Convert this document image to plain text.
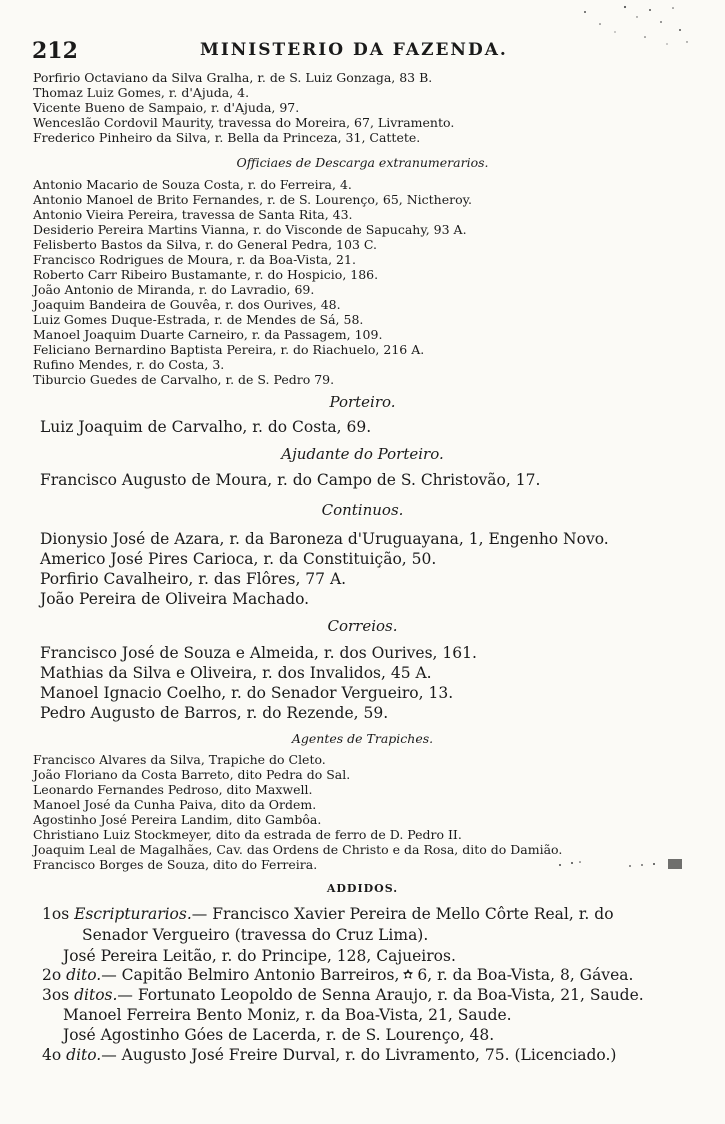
212	MINISTERIO DA FAZENDA.
Porfirio Octaviano da Silva Gralha, r. de S. Luiz Gonzaga, 83 B.
Thomaz Luiz Gomes, r. d'Ajuda, 4.
Vicente Bueno de Sampaio, r. d'Ajuda, 97.
Wenceslão Cordovil Maurity, travessa do Moreira, 67, Livramento.
Frederico Pinheiro da Silva, r. Bella da Princeza, 31, Cattete.
Officiaes de Descarga extranumerarios.
Antonio Macario de Souza Costa, r. do Ferreira, 4.
Antonio Manoel de Brito Fernandes, r. de S. Lourenço, 65, Nictheroy.
Antonio Vieira Pereira, travessa de Santa Rita, 43.
Desiderio Pereira Martins Vianna, r. do Visconde de Sapucahy, 93 A.
Felisberto Bastos da Silva, r. do General Pedra, 103 C.
Francisco Rodrigues de Moura, r. da Boa-Vista, 21.
Roberto Carr Ribeiro Bustamante, r. do Hospicio, 186.
João Antonio de Miranda, r. do Lavradio, 69.
Joaquim Bandeira de Gouvêa, r. dos Ourives, 48.
Luiz Gomes Duque-Estrada, r. de Mendes de Sá, 58.
Manoel Joaquim Duarte Carneiro, r. da Passagem, 109.
Feliciano Bernardino Baptista Pereira, r. do Riachuelo, 216 A.
Rufino Mendes, r. do Costa, 3.
Tiburcio Guedes de Carvalho, r. de S. Pedro 79.
Porteiro.
Luiz Joaquim de Carvalho, r. do Costa, 69.
Ajudante do Porteiro.
Francisco Augusto de Moura, r. do Campo de S. Christovão, 17.
Continuos.
Dionysio José de Azara, r. da Baroneza d'Uruguayana, 1, Engenho Novo.
Americo José Pires Carioca, r. da Constituição, 50.
Porfirio Cavalheiro, r. das Flôres, 77 A.
João Pereira de Oliveira Machado.
Correios.
Francisco José de Souza e Almeida, r. dos Ourives, 161.
Mathias da Silva e Oliveira, r. dos Invalidos, 45 A.
Manoel Ignacio Coelho, r. do Senador Vergueiro, 13.
Pedro Augusto de Barros, r. do Rezende, 59.
Agentes de Trapiches.
Francisco Alvares da Silva, Trapiche do Cleto.
João Floriano da Costa Barreto, dito Pedra do Sal.
Leonardo Fernandes Pedroso, dito Maxwell.
Manoel José da Cunha Paiva, dito da Ordem.
Agostinho José Pereira Landim, dito Gambôa.
Christiano Luiz Stockmeyer, dito da estrada de ferro de D. Pedro II.
Joaquim Leal de Magalhães, Cav. das Ordens de Christo e da Rosa, dito do Damião.
Francisco Borges de Souza, dito do Ferreira.
ADDIDOS.
1os Escripturarios.— Francisco Xavier Pereira de Mello Côrte Real, r. do
Senador Vergueiro (travessa do Cruz Lima).
José Pereira Leitão, r. do Principe, 128, Cajueiros.
2o dito.— Capitão Belmiro Antonio Barreiros, 6, r. da Boa-Vista, 8, Gávea.
3os ditos.— Fortunato Leopoldo de Senna Araujo, r. da Boa-Vista, 21, Saude.
Manoel Ferreira Bento Moniz, r. da Boa-Vista, 21, Saude.
José Agostinho Góes de Lacerda, r. de S. Lourenço, 48.
4o dito.— Augusto José Freire Durval, r. do Livramento, 75. (Licenciado.)
